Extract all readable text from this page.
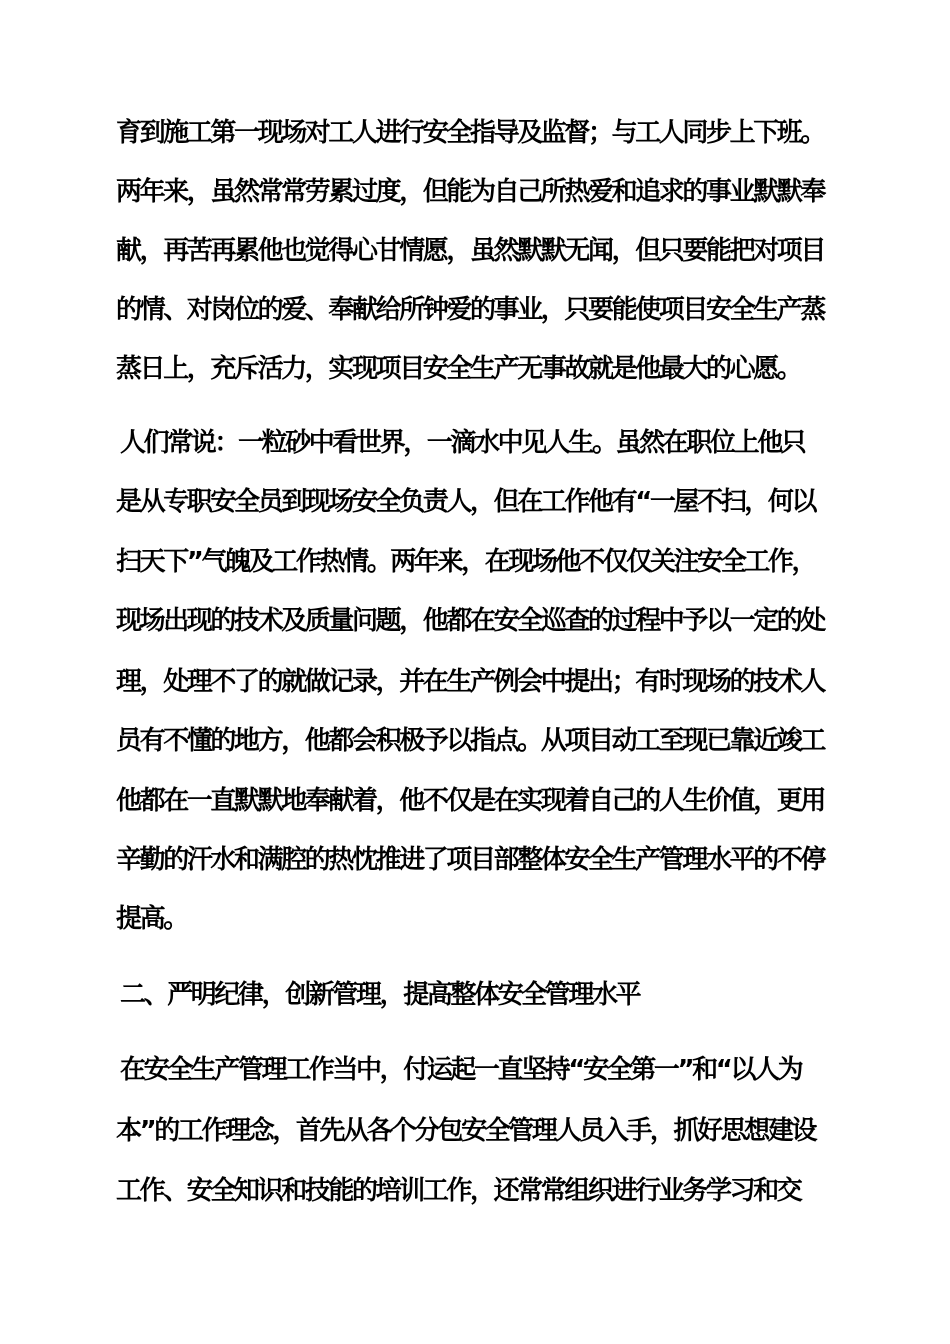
育到施工第一现场对工人进行安全指导及监督；与工人同步上下班。
两年来，虽然常常劳累过度，但能为自己所热爱和追求的事业默默奉
献，再苦再累他也觉得心甘情愿，虽然默默无闻，但只要能把对项目
的情、对岗位的爱、奉献给所钟爱的事业，只要能使项目安全生产蒸
蒸日上，充斥活力，实现项目安全生产无事故就是他最大的心愿。
人们常说：一粒砂中看世界，一滴水中见人生。虽然在职位上他只
是从专职安全员到现场安全负责人，但在工作他有“一屋不扫，何以
扫天下”气魄及工作热情。两年来，在现场他不仅仅关注安全工作，
现场出现的技术及质量问题，他都在安全巡查的过程中予以一定的处
理，处理不了的就做记录，并在生产例会中提出；有时现场的技术人
员有不懂的地方，他都会积极予以指点。从项目动工至现已靠近竣工
他都在一直默默地奉献着，他不仅是在实现着自己的人生价值，更用
辛勤的汗水和满腔的热忱推进了项目部整体安全生产管理水平的不停
提高。
二、严明纪律，创新管理，提高整体安全管理水平
在安全生产管理工作当中，付运起一直坚持“安全第一”和“以人为
本”的工作理念，首先从各个分包安全管理人员入手，抓好思想建设
工作、安全知识和技能的培训工作，还常常组织进行业务学习和交
